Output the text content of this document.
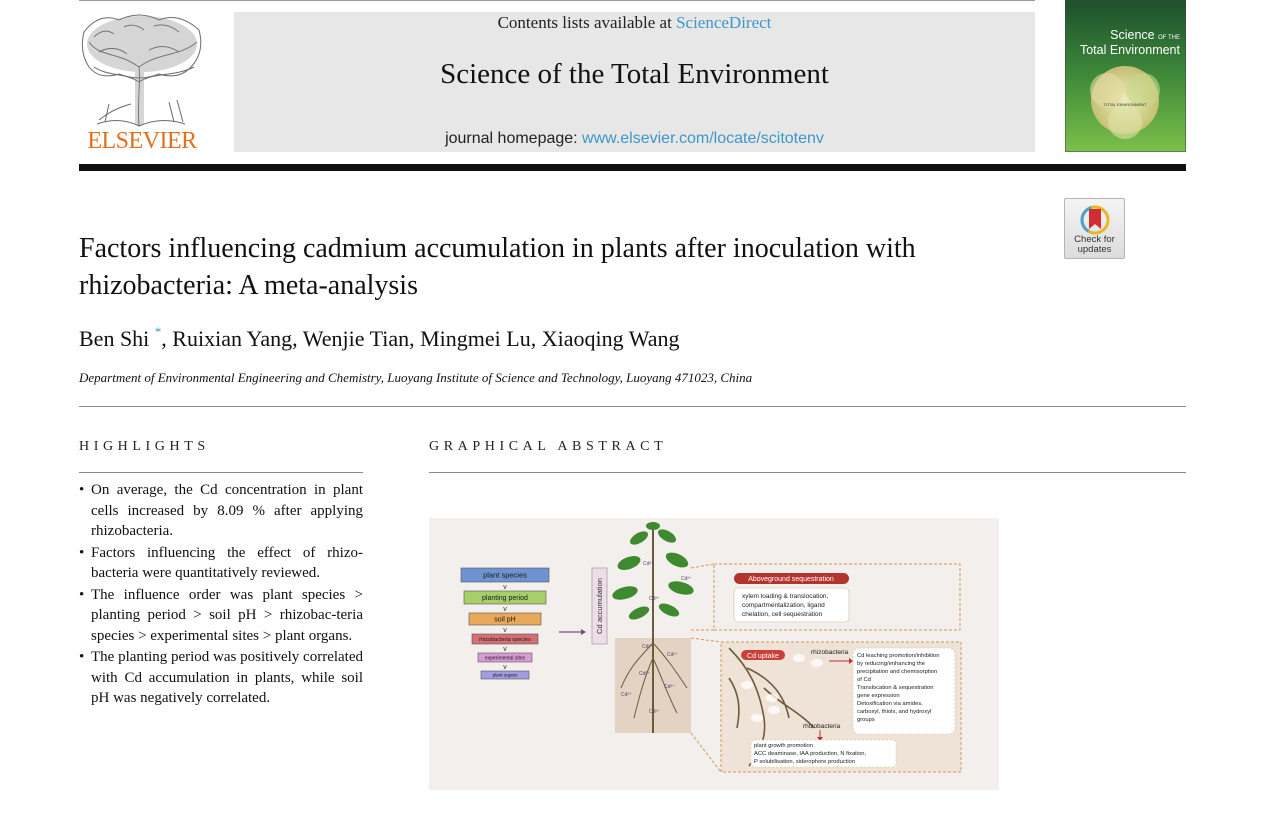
ELSEVIER
Contents lists available at ScienceDirect
Science of the Total Environment
journal homepage: www.elsevier.com/locate/scitotenv
TOTAL ENVIRONMENT
Science OF THE
Total Environment
Check for
updates
Factors influencing cadmium accumulation in plants after inoculation with rhizobacteria: A meta-analysis
Ben Shi *, Ruixian Yang, Wenjie Tian, Mingmei Lu, Xiaoqing Wang
Department of Environmental Engineering and Chemistry, Luoyang Institute of Science and Technology, Luoyang 471023, China
HIGHLIGHTS
• On average, the Cd concentration in plant cells increased by 8.09 % after applying rhizobacteria.
• Factors influencing the effect of rhizo-bacteria were quantitatively reviewed.
• The influence order was plant species > planting period > soil pH > rhizobac-teria species > experimental sites > plant organs.
• The planting period was positively correlated with Cd accumulation in plants, while soil pH was negatively correlated.
GRAPHICAL ABSTRACT
plant species
v
planting period
v
soil pH
v
rhizobacteria species
v
experimental sites
v
plant organs
Cd accumulation
Cd²⁺
Cd²⁺
Cd²⁺
Cd²⁺
Cd²⁺
Cd²⁺
Cd²⁺
Cd²⁺
Cd²⁺
Aboveground sequestration
xylem loading & translocation,
compartmentalization, ligand
chelation, cell sequestration
Cd uptake
rhizobacteria Cd leaching promotion/inhibition
by reducing/enhancing the
precipitation and chemisorption
of Cd
Translocation & sequestration
gene expression
Detoxification via amides,
carboxyl, thiols, and hydroxyl
groups
rhizobacteria
plant growth promotion
ACC deaminase, IAA production, N fixation,
P solubilisation, siderophore production
